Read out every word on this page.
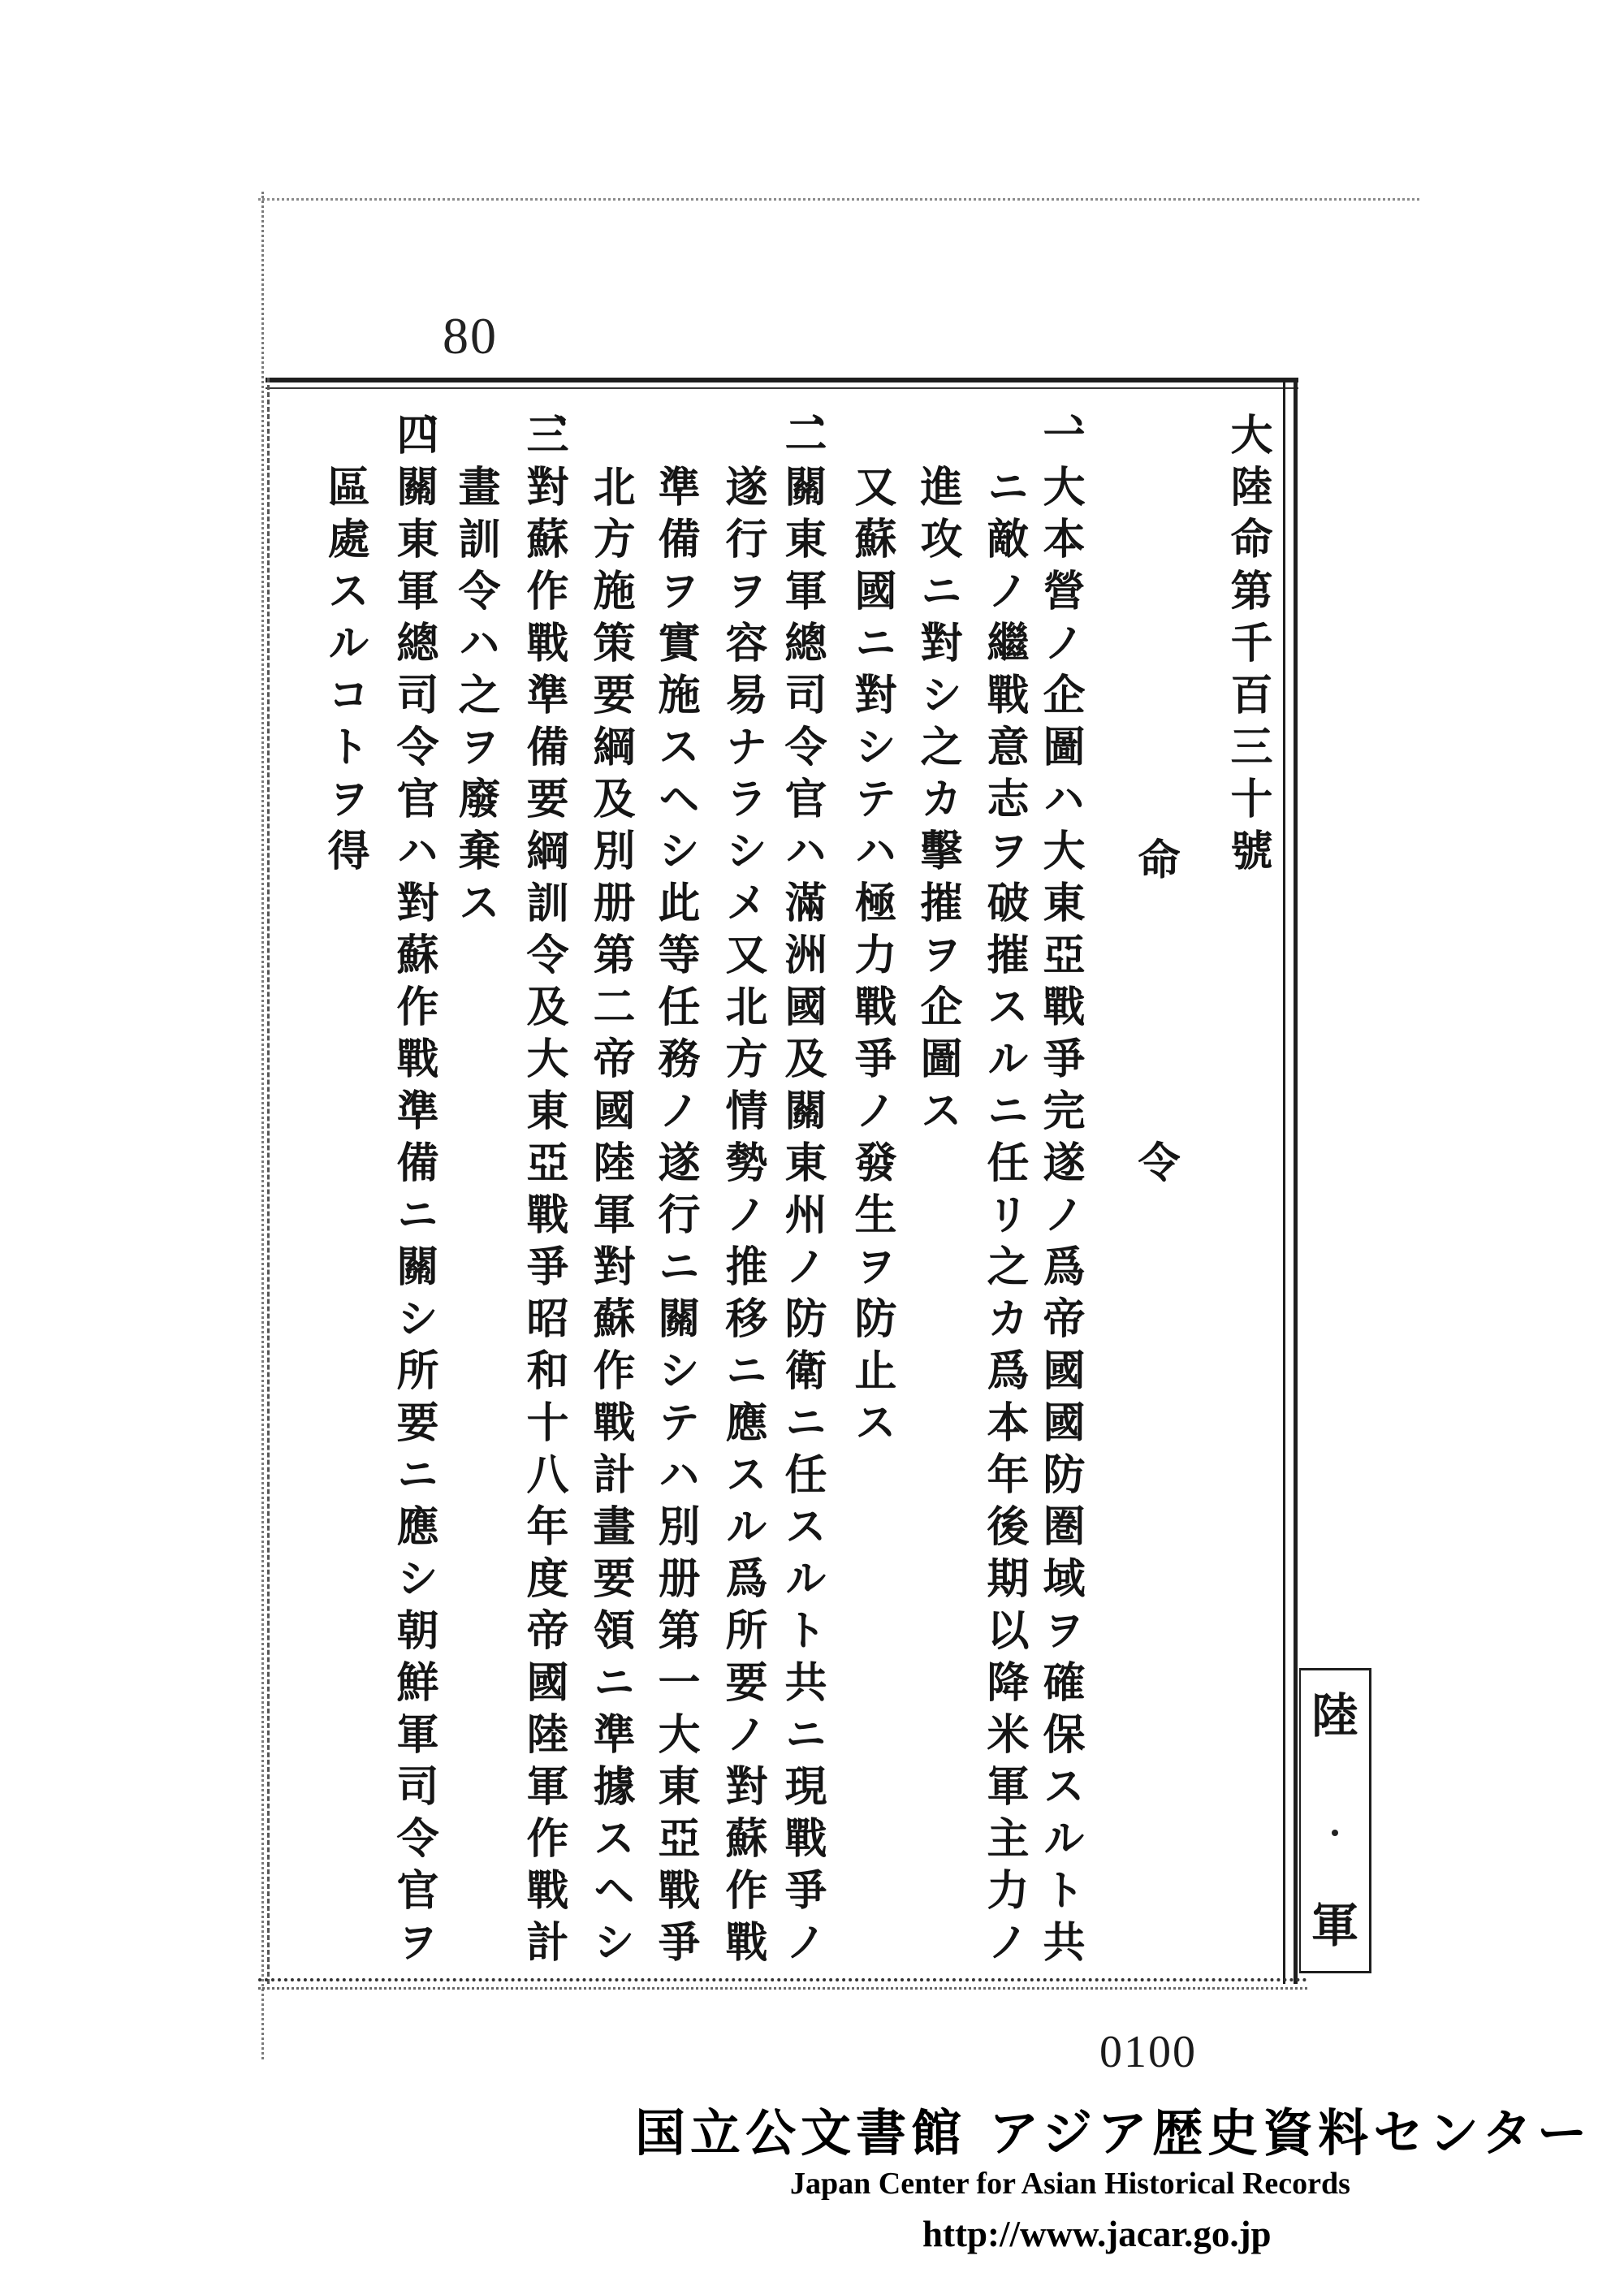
80
大陸命第千百三十號
命
令
大本營ノ企圖ハ大東亞戰爭完遂ノ爲帝國國防圏域ヲ確保スルト共
ニ敵ノ繼戰意志ヲ破摧スルニ任リ之カ爲本年後期以降米軍主力ノ
進攻ニ對シ之カ擊摧ヲ企圖ス
又蘇國ニ對シテハ極力戰爭ノ發生ヲ防止ス
關東軍總司令官ハ滿洲國及關東州ノ防衛ニ任スルト共ニ現戰爭ノ
遂行ヲ容易ナラシメ又北方情勢ノ推移ニ應スル爲所要ノ對蘇作戰
準備ヲ實施スヘシ此等任務ノ遂行ニ關シテハ別册第一大東亞戰爭
北方施策要綱及別册第二帝國陸軍對蘇作戰計畫要領ニ準據スヘシ
對蘇作戰準備要綱訓令及大東亞戰爭昭和十八年度帝國陸軍作戰計
畫訓令ハ之ヲ廢棄ス
關東軍總司令官ハ對蘇作戰準備ニ關シ所要ニ應シ朝鮮軍司令官ヲ
區處スルコトヲ得
陸
軍
0100
国立公文書館 アジア歴史資料センター
Japan Center for Asian Historical Records
http://www.jacar.go.jp
